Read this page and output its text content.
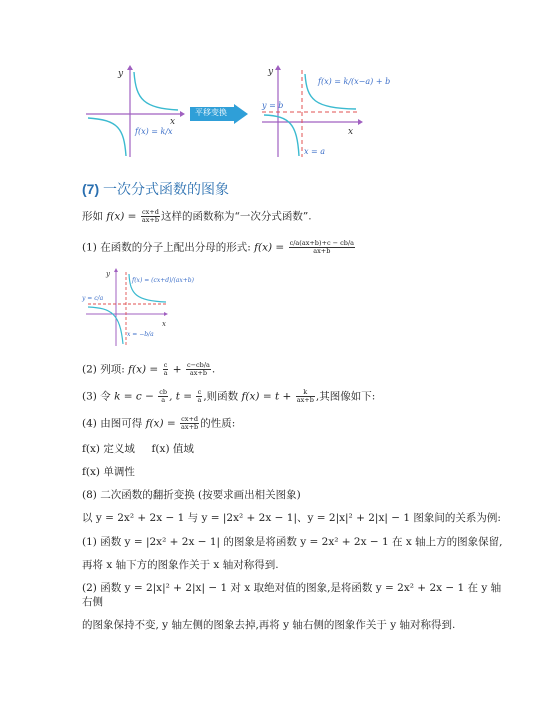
y
x
f(x) = k/x
平移变换
y
x
f(x) = k/(x−a) + b
y = b
x = a
(7) 一次分式函数的图象
形如 $f(x) = \frac{cx+d}{ax+b}$ 这样的函数称为“一次分式函数”.
(1) 在函数的分子上配出分母的形式: $f(x) = \frac{c/a(ax+b)+c - cb/a}{ax+b}$
y
x
f(x) = (cx+d)/(ax+b)
y = c/a
x = −b/a
(2) 列项: $f(x) = \frac{c}{a} + \frac{c-cb/a}{ax+b}$ .
(3) 令 $k = c - \frac{cb}{a}$ , $t = \frac{c}{a}$ ,则函数 $f(x) = t + \frac{k}{ax+b}$ ,其图像如下:
(4) 由图可得 $f(x) = \frac{cx+d}{ax+b}$ 的性质:
f(x) 定义域 f(x) 值域
f(x) 单调性
(8) 二次函数的翻折变换 (按要求画出相关图象)
以 y = 2x² + 2x − 1 与 y = |2x² + 2x − 1|、y = 2|x|² + 2|x| − 1 图象间的关系为例:
(1) 函数 y = |2x² + 2x − 1| 的图象是将函数 y = 2x² + 2x − 1 在 x 轴上方的图象保留,
再将 x 轴下方的图象作关于 x 轴对称得到.
(2) 函数 y = 2|x|² + 2|x| − 1 对 x 取绝对值的图象,是将函数 y = 2x² + 2x − 1 在 y 轴
右侧
的图象保持不变, y 轴左侧的图象去掉,再将 y 轴右侧的图象作关于 y 轴对称得到.
